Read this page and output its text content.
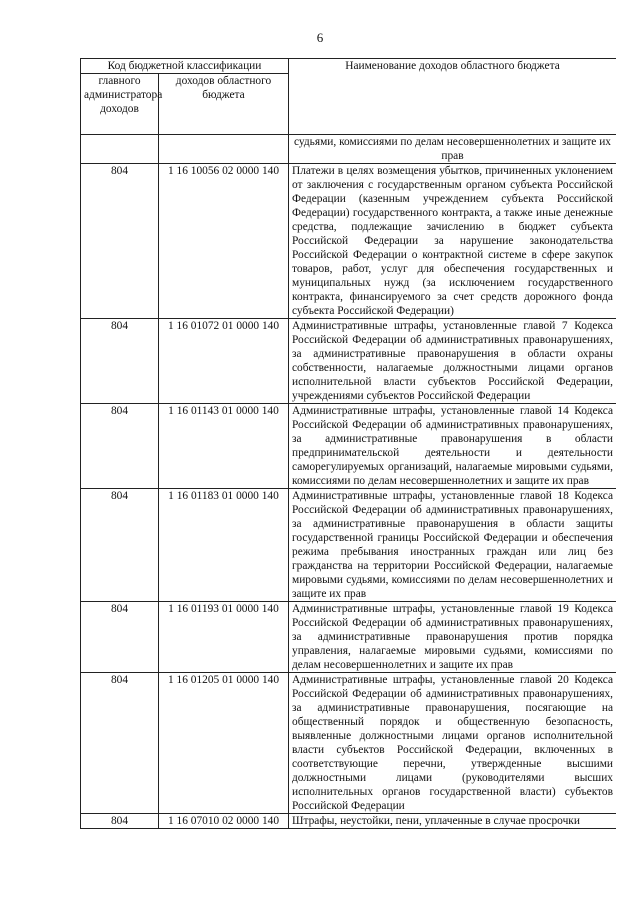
6
Код бюджетной классификации		Наименование доходов областного бюджета
главного администратора доходов	доходов областного бюджета	
		судьями, комиссиями по делам несовершеннолетних и защите их прав
804	1 16 10056 02 0000 140	Платежи в целях возмещения убытков, причиненных уклонением от заключения с государственным органом субъекта Российской Федерации (казенным учреждением субъекта Российской Федерации) государственного контракта, а также иные денежные средства, подлежащие зачислению в бюджет субъекта Российской Федерации за нарушение законодательства Российской Федерации о контрактной системе в сфере закупок товаров, работ, услуг для обеспечения государственных и муниципальных нужд (за исключением государственного контракта, финансируемого за счет средств дорожного фонда субъекта Российской Федерации)
804	1 16 01072 01 0000 140	Административные штрафы, установленные главой 7 Кодекса Российской Федерации об административных правонарушениях, за административные правонарушения в области охраны собственности, налагаемые должностными лицами органов исполнительной власти субъектов Российской Федерации, учреждениями субъектов Российской Федерации
804	1 16 01143 01 0000 140	Административные штрафы, установленные главой 14 Кодекса Российской Федерации об административных правонарушениях, за административные правонарушения в области предпринимательской деятельности и деятельности саморегулируемых организаций, налагаемые мировыми судьями, комиссиями по делам несовершеннолетних и защите их прав
804	1 16 01183 01 0000 140	Административные штрафы, установленные главой 18 Кодекса Российской Федерации об административных правонарушениях, за административные правонарушения в области защиты государственной границы Российской Федерации и обеспечения режима пребывания иностранных граждан или лиц без гражданства на территории Российской Федерации, налагаемые мировыми судьями, комиссиями по делам несовершеннолетних и защите их прав
804	1 16 01193 01 0000 140	Административные штрафы, установленные главой 19 Кодекса Российской Федерации об административных правонарушениях, за административные правонарушения против порядка управления, налагаемые мировыми судьями, комиссиями по делам несовершеннолетних и защите их прав
804	1 16 01205 01 0000 140	Административные штрафы, установленные главой 20 Кодекса Российской Федерации об административных правонарушениях, за административные правонарушения, посягающие на общественный порядок и общественную безопасность, выявленные должностными лицами органов исполнительной власти субъектов Российской Федерации, включенных в соответствующие перечни, утвержденные высшими должностными лицами (руководителями высших исполнительных органов государственной власти) субъектов Российской Федерации
804	1 16 07010 02 0000 140	Штрафы, неустойки, пени, уплаченные в случае просрочки
